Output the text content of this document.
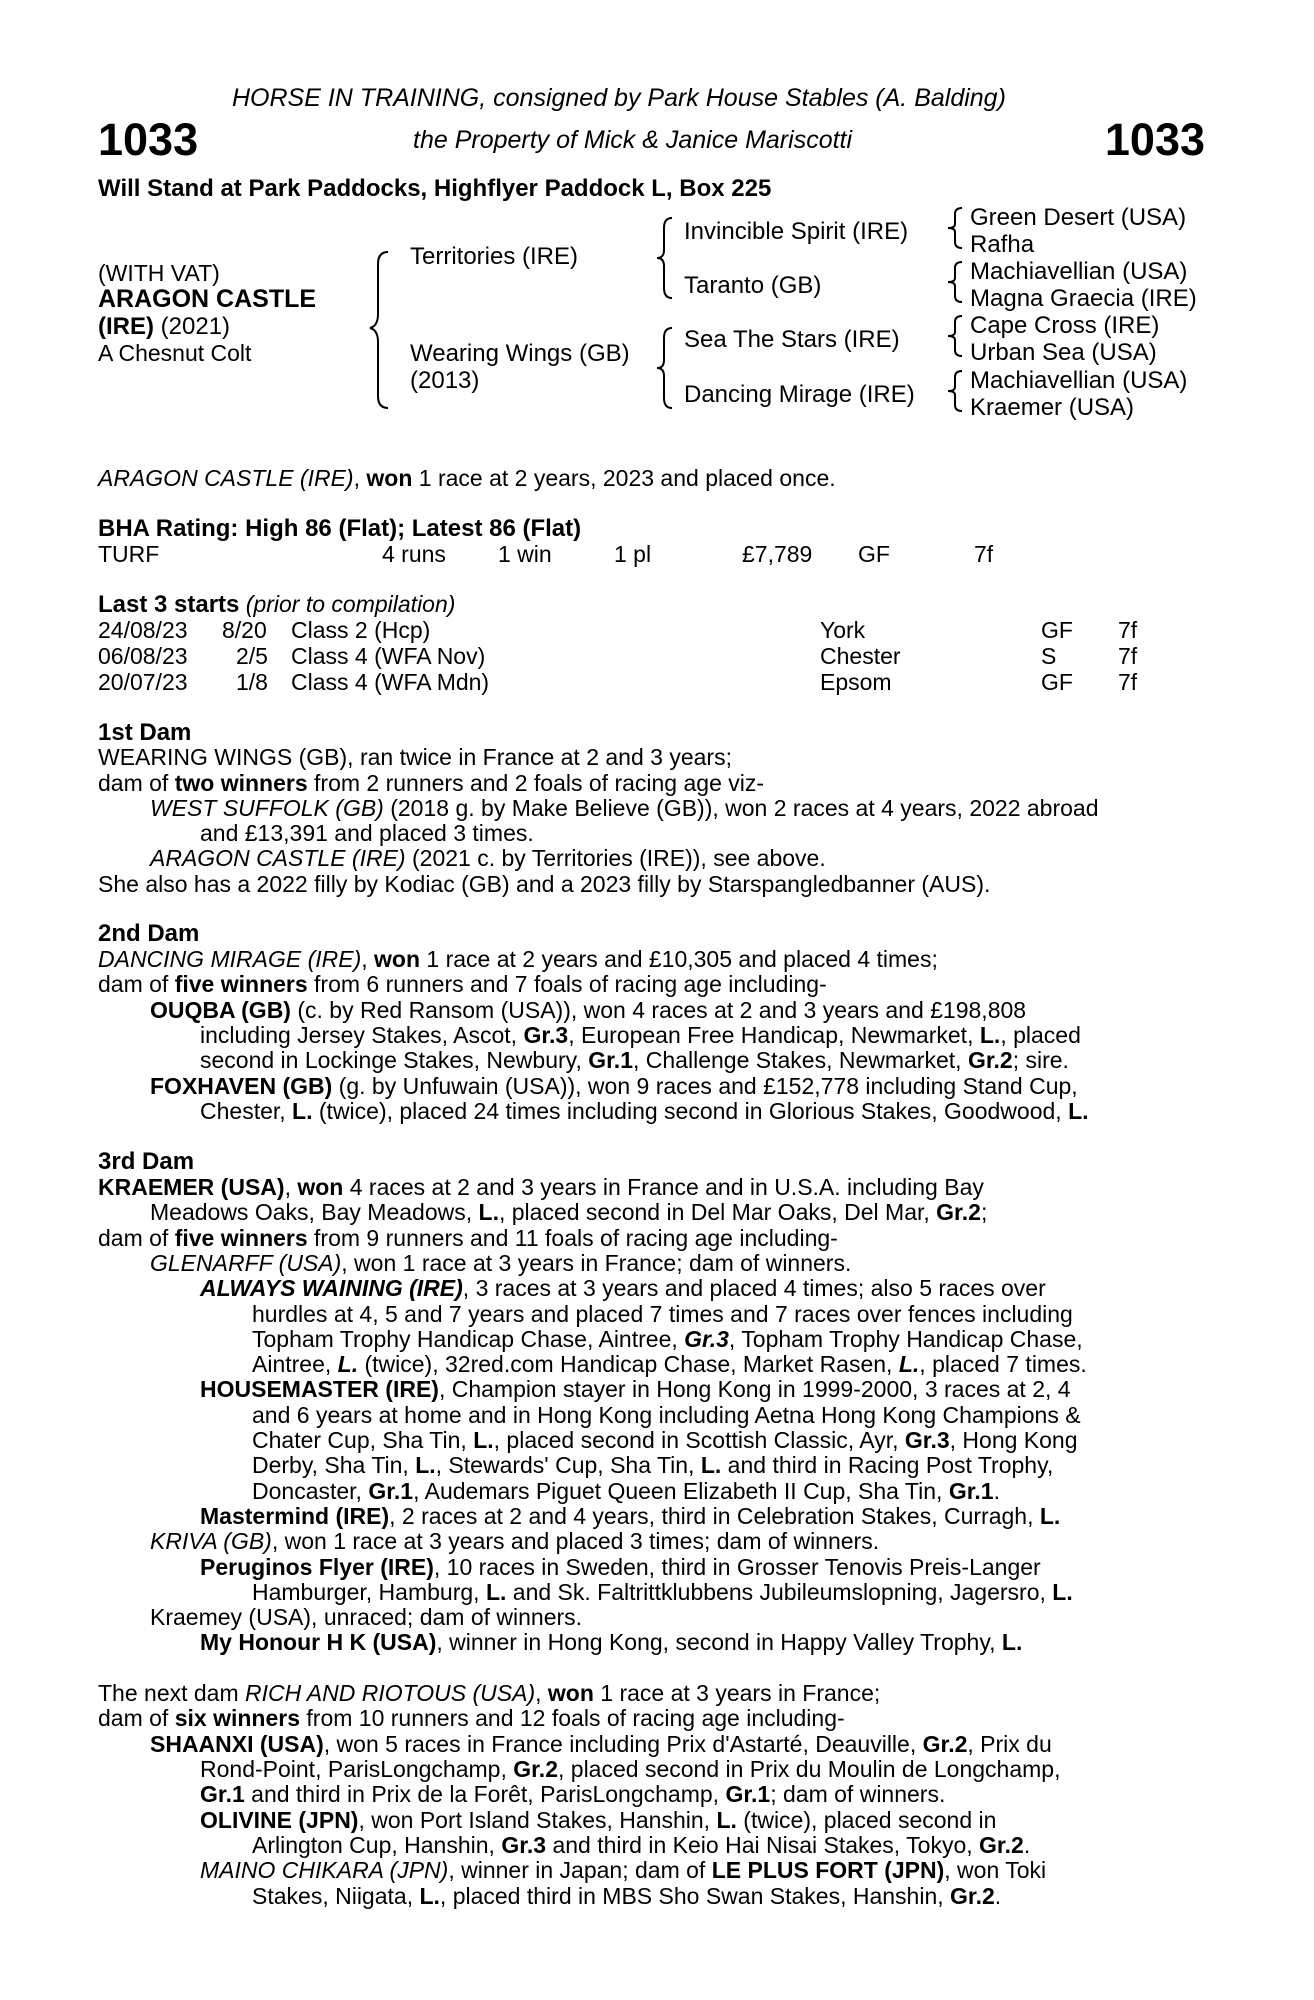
1033	1033
HORSE IN TRAINING, consigned by Park House Stables (A. Balding)
the Property of Mick & Janice Mariscotti
Will Stand at Park Paddocks, Highflyer Paddock L, Box 225
(WITH VAT)
ARAGON CASTLE
(IRE) (2021)
A Chesnut Colt
Territories (IRE)
Wearing Wings (GB)
(2013)
Invincible Spirit (IRE)
Taranto (GB)
Sea The Stars (IRE)
Dancing Mirage (IRE)
Green Desert (USA)
Rafha
Machiavellian (USA)
Magna Graecia (IRE)
Cape Cross (IRE)
Urban Sea (USA)
Machiavellian (USA)
Kraemer (USA)
ARAGON CASTLE (IRE), won 1 race at 2 years, 2023 and placed once.
BHA Rating: High 86 (Flat); Latest 86 (Flat)
TURF	4 runs 1 win	1 pl	£7,789 GF	7f
Last 3 starts (prior to compilation)
24/08/23 8/20 Class 2 (Hcp)	York	GF 7f
06/08/23 2/5 Class 4 (WFA Nov)	Chester	S	7f
20/07/23 1/8 Class 4 (WFA Mdn)	Epsom	GF 7f
1st Dam
WEARING WINGS (GB), ran twice in France at 2 and 3 years;
dam of two winners from 2 runners and 2 foals of racing age viz-
WEST SUFFOLK (GB) (2018 g. by Make Believe (GB)), won 2 races at 4 years, 2022 abroad
and £13,391 and placed 3 times.
ARAGON CASTLE (IRE) (2021 c. by Territories (IRE)), see above.
She also has a 2022 filly by Kodiac (GB) and a 2023 filly by Starspangledbanner (AUS).
2nd Dam
DANCING MIRAGE (IRE), won 1 race at 2 years and £10,305 and placed 4 times;
dam of five winners from 6 runners and 7 foals of racing age including-
OUQBA (GB) (c. by Red Ransom (USA)), won 4 races at 2 and 3 years and £198,808
including Jersey Stakes, Ascot, Gr.3, European Free Handicap, Newmarket, L., placed
second in Lockinge Stakes, Newbury, Gr.1, Challenge Stakes, Newmarket, Gr.2; sire.
FOXHAVEN (GB) (g. by Unfuwain (USA)), won 9 races and £152,778 including Stand Cup,
Chester, L. (twice), placed 24 times including second in Glorious Stakes, Goodwood, L.
3rd Dam
KRAEMER (USA), won 4 races at 2 and 3 years in France and in U.S.A. including Bay
Meadows Oaks, Bay Meadows, L., placed second in Del Mar Oaks, Del Mar, Gr.2;
dam of five winners from 9 runners and 11 foals of racing age including-
GLENARFF (USA), won 1 race at 3 years in France; dam of winners.
ALWAYS WAINING (IRE), 3 races at 3 years and placed 4 times; also 5 races over
hurdles at 4, 5 and 7 years and placed 7 times and 7 races over fences including
Topham Trophy Handicap Chase, Aintree, Gr.3, Topham Trophy Handicap Chase,
Aintree, L. (twice), 32red.com Handicap Chase, Market Rasen, L., placed 7 times.
HOUSEMASTER (IRE), Champion stayer in Hong Kong in 1999-2000, 3 races at 2, 4
and 6 years at home and in Hong Kong including Aetna Hong Kong Champions &
Chater Cup, Sha Tin, L., placed second in Scottish Classic, Ayr, Gr.3, Hong Kong
Derby, Sha Tin, L., Stewards' Cup, Sha Tin, L. and third in Racing Post Trophy,
Doncaster, Gr.1, Audemars Piguet Queen Elizabeth II Cup, Sha Tin, Gr.1.
Mastermind (IRE), 2 races at 2 and 4 years, third in Celebration Stakes, Curragh, L.
KRIVA (GB), won 1 race at 3 years and placed 3 times; dam of winners.
Peruginos Flyer (IRE), 10 races in Sweden, third in Grosser Tenovis Preis-Langer
Hamburger, Hamburg, L. and Sk. Faltrittklubbens Jubileumslopning, Jagersro, L.
Kraemey (USA), unraced; dam of winners.
My Honour H K (USA), winner in Hong Kong, second in Happy Valley Trophy, L.
The next dam RICH AND RIOTOUS (USA), won 1 race at 3 years in France;
dam of six winners from 10 runners and 12 foals of racing age including-
SHAANXI (USA), won 5 races in France including Prix d'Astarté, Deauville, Gr.2, Prix du
Rond-Point, ParisLongchamp, Gr.2, placed second in Prix du Moulin de Longchamp,
Gr.1 and third in Prix de la Forêt, ParisLongchamp, Gr.1; dam of winners.
OLIVINE (JPN), won Port Island Stakes, Hanshin, L. (twice), placed second in
Arlington Cup, Hanshin, Gr.3 and third in Keio Hai Nisai Stakes, Tokyo, Gr.2.
MAINO CHIKARA (JPN), winner in Japan; dam of LE PLUS FORT (JPN), won Toki
Stakes, Niigata, L., placed third in MBS Sho Swan Stakes, Hanshin, Gr.2.
